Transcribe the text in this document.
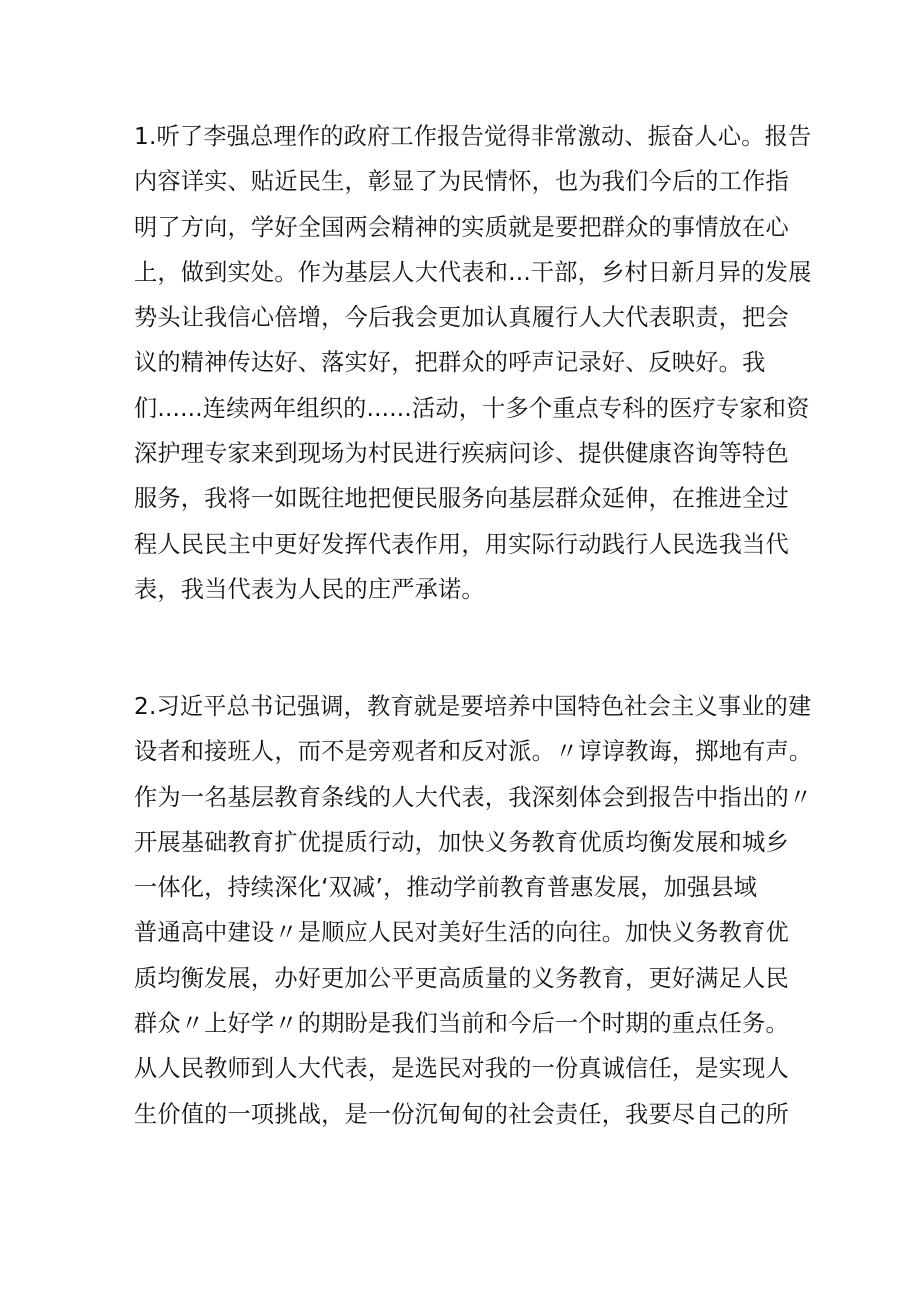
1.听了李强总理作的政府工作报告觉得非常激动、振奋人心。报告
内容详实、贴近民生，彰显了为民情怀，也为我们今后的工作指
明了方向，学好全国两会精神的实质就是要把群众的事情放在心
上，做到实处。作为基层人大代表和...干部，乡村日新月异的发展
势头让我信心倍增，今后我会更加认真履行人大代表职责，把会
议的精神传达好、落实好，把群众的呼声记录好、反映好。我
们......连续两年组织的......活动，十多个重点专科的医疗专家和资
深护理专家来到现场为村民进行疾病问诊、提供健康咨询等特色
服务，我将一如既往地把便民服务向基层群众延伸，在推进全过
程人民民主中更好发挥代表作用，用实际行动践行人民选我当代
表，我当代表为人民的庄严承诺。

2.习近平总书记强调，教育就是要培养中国特色社会主义事业的建
设者和接班人，而不是旁观者和反对派。〃谆谆教诲，掷地有声。
作为一名基层教育条线的人大代表，我深刻体会到报告中指出的〃
开展基础教育扩优提质行动，加快义务教育优质均衡发展和城乡
一体化，持续深化‘双减’，推动学前教育普惠发展，加强县域
普通高中建设〃是顺应人民对美好生活的向往。加快义务教育优
质均衡发展，办好更加公平更高质量的义务教育，更好满足人民
群众〃上好学〃的期盼是我们当前和今后一个时期的重点任务。
从人民教师到人大代表，是选民对我的一份真诚信任，是实现人
生价值的一项挑战，是一份沉甸甸的社会责任，我要尽自己的所
